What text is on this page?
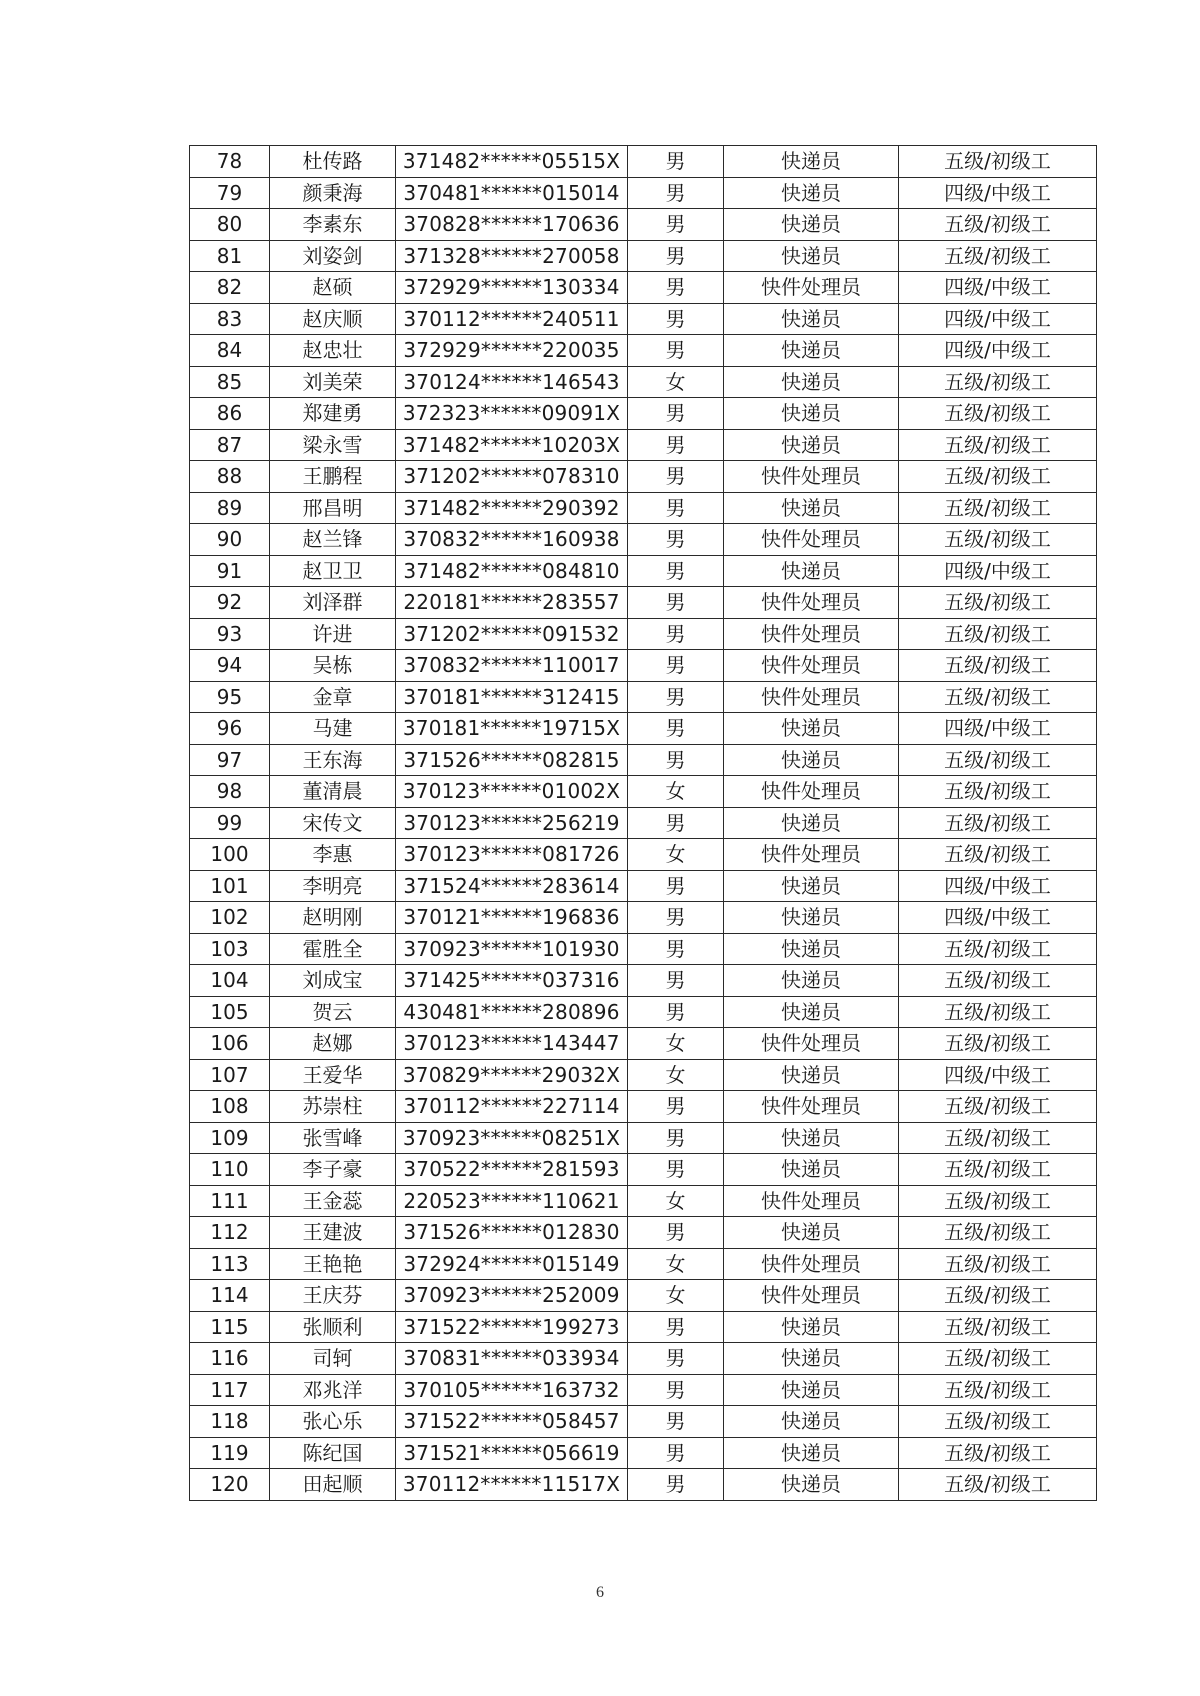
78	杜传路	371482******05515X	男	快递员	五级/初级工
79	颜秉海	370481******015014	男	快递员	四级/中级工
80	李素东	370828******170636	男	快递员	五级/初级工
81	刘姿剑	371328******270058	男	快递员	五级/初级工
82	赵硕	372929******130334	男	快件处理员	四级/中级工
83	赵庆顺	370112******240511	男	快递员	四级/中级工
84	赵忠壮	372929******220035	男	快递员	四级/中级工
85	刘美荣	370124******146543	女	快递员	五级/初级工
86	郑建勇	372323******09091X	男	快递员	五级/初级工
87	梁永雪	371482******10203X	男	快递员	五级/初级工
88	王鹏程	371202******078310	男	快件处理员	五级/初级工
89	邢昌明	371482******290392	男	快递员	五级/初级工
90	赵兰锋	370832******160938	男	快件处理员	五级/初级工
91	赵卫卫	371482******084810	男	快递员	四级/中级工
92	刘泽群	220181******283557	男	快件处理员	五级/初级工
93	许进	371202******091532	男	快件处理员	五级/初级工
94	吴栋	370832******110017	男	快件处理员	五级/初级工
95	金章	370181******312415	男	快件处理员	五级/初级工
96	马建	370181******19715X	男	快递员	四级/中级工
97	王东海	371526******082815	男	快递员	五级/初级工
98	董清晨	370123******01002X	女	快件处理员	五级/初级工
99	宋传文	370123******256219	男	快递员	五级/初级工
100	李惠	370123******081726	女	快件处理员	五级/初级工
101	李明亮	371524******283614	男	快递员	四级/中级工
102	赵明刚	370121******196836	男	快递员	四级/中级工
103	霍胜全	370923******101930	男	快递员	五级/初级工
104	刘成宝	371425******037316	男	快递员	五级/初级工
105	贺云	430481******280896	男	快递员	五级/初级工
106	赵娜	370123******143447	女	快件处理员	五级/初级工
107	王爱华	370829******29032X	女	快递员	四级/中级工
108	苏崇柱	370112******227114	男	快件处理员	五级/初级工
109	张雪峰	370923******08251X	男	快递员	五级/初级工
110	李子豪	370522******281593	男	快递员	五级/初级工
111	王金蕊	220523******110621	女	快件处理员	五级/初级工
112	王建波	371526******012830	男	快递员	五级/初级工
113	王艳艳	372924******015149	女	快件处理员	五级/初级工
114	王庆芬	370923******252009	女	快件处理员	五级/初级工
115	张顺利	371522******199273	男	快递员	五级/初级工
116	司轲	370831******033934	男	快递员	五级/初级工
117	邓兆洋	370105******163732	男	快递员	五级/初级工
118	张心乐	371522******058457	男	快递员	五级/初级工
119	陈纪国	371521******056619	男	快递员	五级/初级工
120	田起顺	370112******11517X	男	快递员	五级/初级工
6
